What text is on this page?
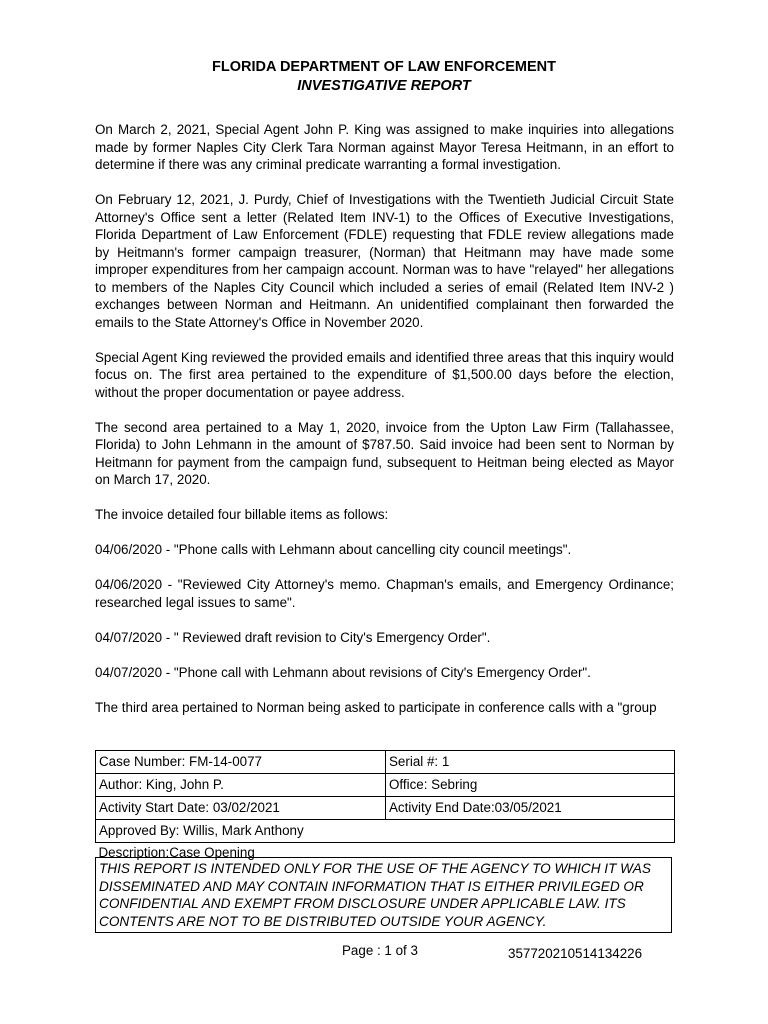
FLORIDA DEPARTMENT OF LAW ENFORCEMENT
INVESTIGATIVE REPORT

On March 2, 2021, Special Agent John P. King was assigned to make inquiries into allegations made by former Naples City Clerk Tara Norman against Mayor Teresa Heitmann, in an effort to determine if there was any criminal predicate warranting a formal investigation.

On February 12, 2021, J. Purdy, Chief of Investigations with the Twentieth Judicial Circuit State Attorney's Office sent a letter (Related Item INV-1) to the Offices of Executive Investigations, Florida Department of Law Enforcement (FDLE) requesting that FDLE review allegations made by Heitmann's former campaign treasurer, (Norman) that Heitmann may have made some improper expenditures from her campaign account. Norman was to have "relayed" her allegations to members of the Naples City Council which included a series of email (Related Item INV-2 ) exchanges between Norman and Heitmann. An unidentified complainant then forwarded the emails to the State Attorney's Office in November 2020.

Special Agent King reviewed the provided emails and identified three areas that this inquiry would focus on. The first area pertained to the expenditure of $1,500.00 days before the election, without the proper documentation or payee address.

The second area pertained to a May 1, 2020, invoice from the Upton Law Firm (Tallahassee, Florida) to John Lehmann in the amount of $787.50. Said invoice had been sent to Norman by Heitmann for payment from the campaign fund, subsequent to Heitman being elected as Mayor on March 17, 2020.

The invoice detailed four billable items as follows:

04/06/2020 - "Phone calls with Lehmann about cancelling city council meetings".

04/06/2020 - "Reviewed City Attorney's memo. Chapman's emails, and Emergency Ordinance; researched legal issues to same".

04/07/2020 - " Reviewed draft revision to City's Emergency Order".

04/07/2020 - "Phone call with Lehmann about revisions of City's Emergency Order".

The third area pertained to Norman being asked to participate in conference calls with a "group

Case Number: FM-14-0077	Serial #: 1
Author: King, John P.	Office: Sebring
Activity Start Date: 03/02/2021	Activity End Date:03/05/2021
Approved By: Willis, Mark Anthony	
Description:Case Opening	
THIS REPORT IS INTENDED ONLY FOR THE USE OF THE AGENCY TO WHICH IT WAS DISSEMINATED AND MAY CONTAIN INFORMATION THAT IS EITHER PRIVILEGED OR CONFIDENTIAL AND EXEMPT FROM DISCLOSURE UNDER APPLICABLE LAW. ITS CONTENTS ARE NOT TO BE DISTRIBUTED OUTSIDE YOUR AGENCY.
Page : 1 of 3	357720210514134226
